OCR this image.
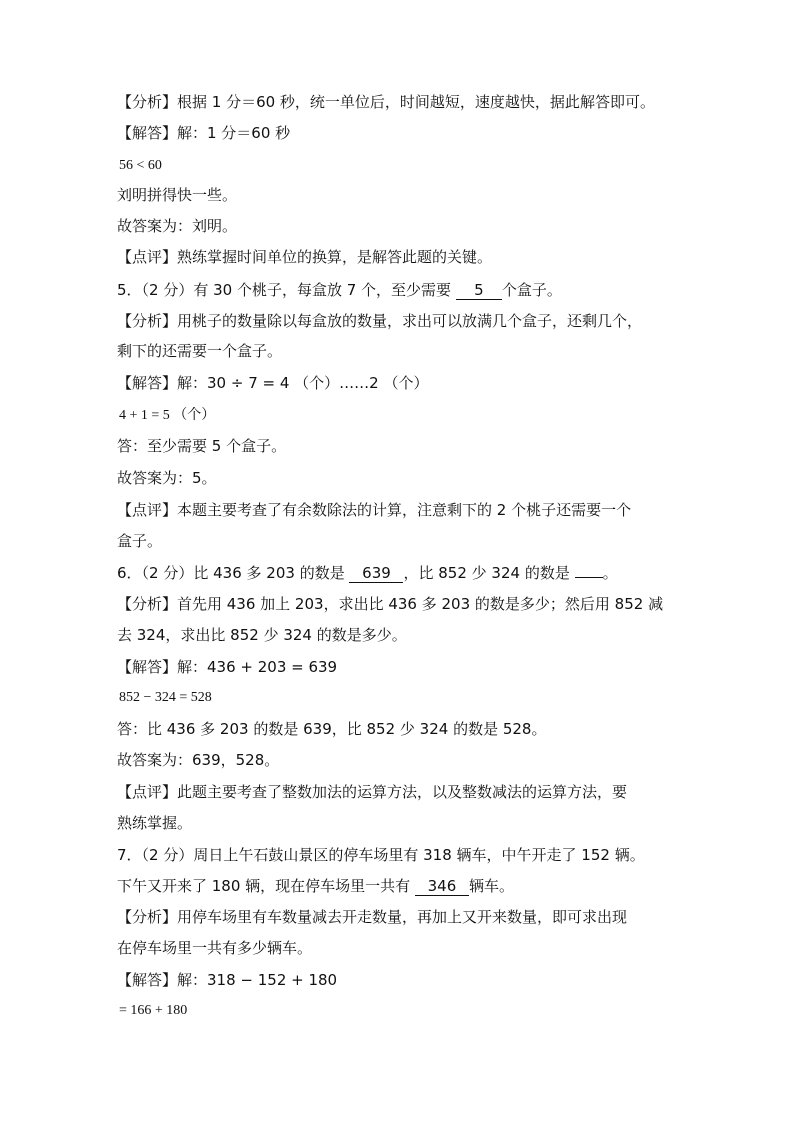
【分析】根据 1 分＝60 秒，统一单位后，时间越短，速度越快，据此解答即可。
【解答】解：1 分＝60 秒
56 < 60
刘明拼得快一些。
故答案为：刘明。
【点评】熟练掌握时间单位的换算，是解答此题的关键。
5．（2 分）有 30 个桃子，每盒放 7 个，至少需要 5 个盒子。
【分析】用桃子的数量除以每盒放的数量，求出可以放满几个盒子，还剩几个，
剩下的还需要一个盒子。
【解答】解：30 ÷ 7 = 4 （个）……2 （个）
4 + 1 = 5 （个）
答：至少需要 5 个盒子。
故答案为：5。
【点评】本题主要考查了有余数除法的计算，注意剩下的 2 个桃子还需要一个
盒子。
6．（2 分）比 436 多 203 的数是 639 ，比 852 少 324 的数是 。
【分析】首先用 436 加上 203，求出比 436 多 203 的数是多少；然后用 852 减
去 324，求出比 852 少 324 的数是多少。
【解答】解：436 + 203 = 639
852 − 324 = 528
答：比 436 多 203 的数是 639，比 852 少 324 的数是 528。
故答案为：639，528。
【点评】此题主要考查了整数加法的运算方法，以及整数减法的运算方法，要
熟练掌握。
7．（2 分）周日上午石鼓山景区的停车场里有 318 辆车，中午开走了 152 辆。
下午又开来了 180 辆，现在停车场里一共有 346 辆车。
【分析】用停车场里有车数量减去开走数量，再加上又开来数量，即可求出现
在停车场里一共有多少辆车。
【解答】解：318 − 152 + 180
= 166 + 180
